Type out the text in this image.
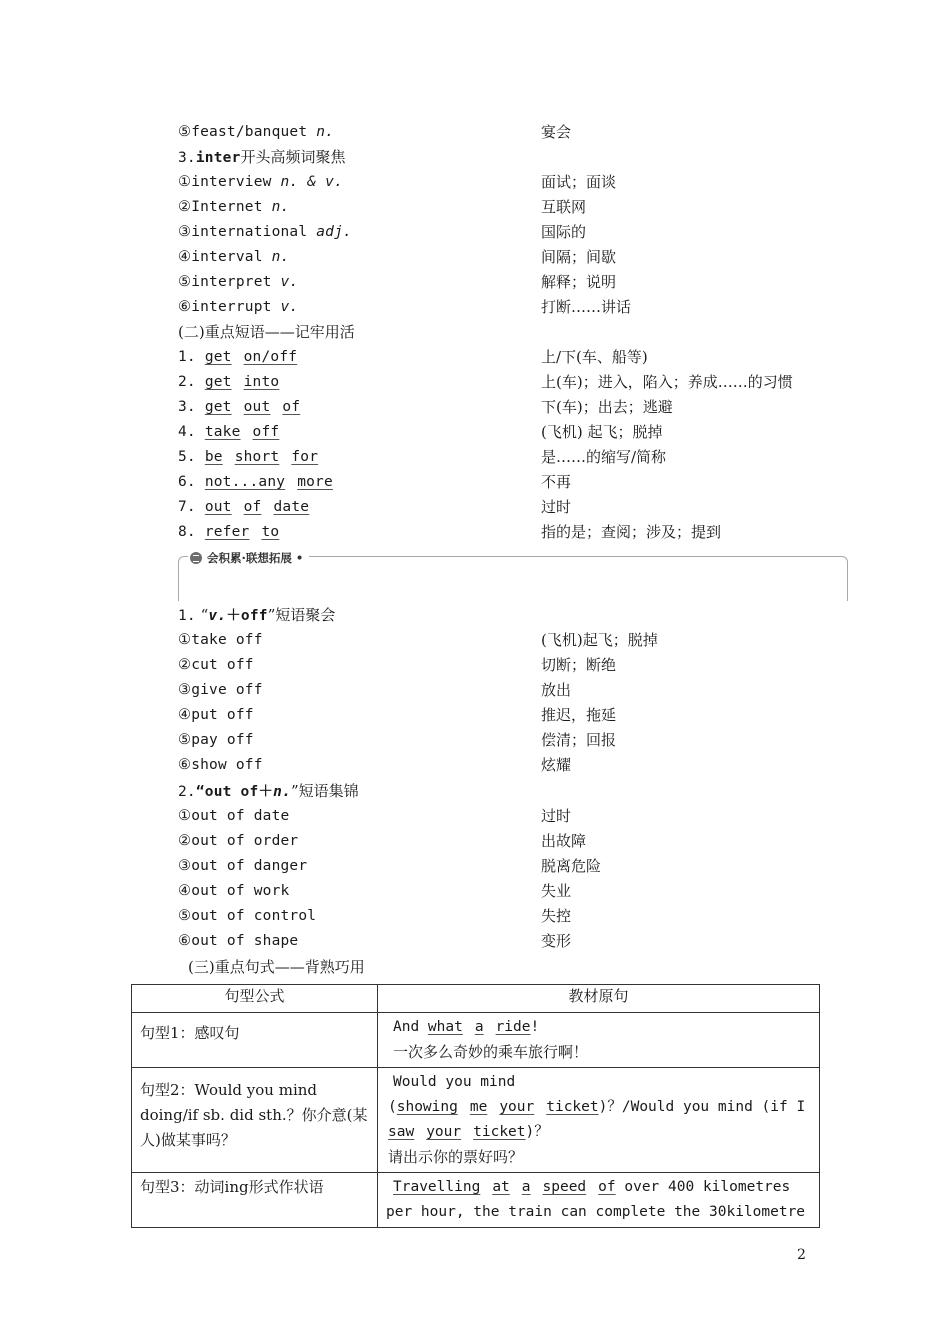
⑤feast/banquet n.	宴会
3.inter开头高频词聚焦
①interview n. & v.	面试；面谈
②Internet n.	互联网
③international adj.	国际的
④interval n.	间隔；间歇
⑤interpret v.	解释；说明
⑥interrupt v.	打断……讲话
(二)重点短语——记牢用活
1. get on/off	上/下(车、船等)
2. get into	上(车)；进入，陷入；养成……的习惯
3. get out of	下(车)；出去；逃避
4. take off	(飞机) 起飞；脱掉
5. be short for	是……的缩写/简称
6. not...any more	不再
7. out of date	过时
8. refer to	指的是；查阅；涉及；提到
会积累·联想拓展 •
1. “v.＋off”短语聚会
①take off	(飞机)起飞；脱掉
②cut off	切断；断绝
③give off	放出
④put off	推迟，拖延
⑤pay off	偿清；回报
⑥show off	炫耀
2.“out of＋n.”短语集锦
①out of date	过时
②out of order	出故障
③out of danger	脱离危险
④out of work	失业
⑤out of control	失控
⑥out of shape	变形
(三)重点句式——背熟巧用
句型公式	教材原句
句型1：感叹句	And what a ride!
一次多么奇妙的乘车旅行啊！

句型2：Would you mind doing/if sb. did sth.？你介意(某人)做某事吗？	Would you mind
(showing me your ticket)？/Would you mind (if I
saw your ticket)？
请出示你的票好吗？

句型3：动词ing形式作状语	Travelling at a speed of over 400 kilometres
per hour, the train can complete the 30kilometre
2
